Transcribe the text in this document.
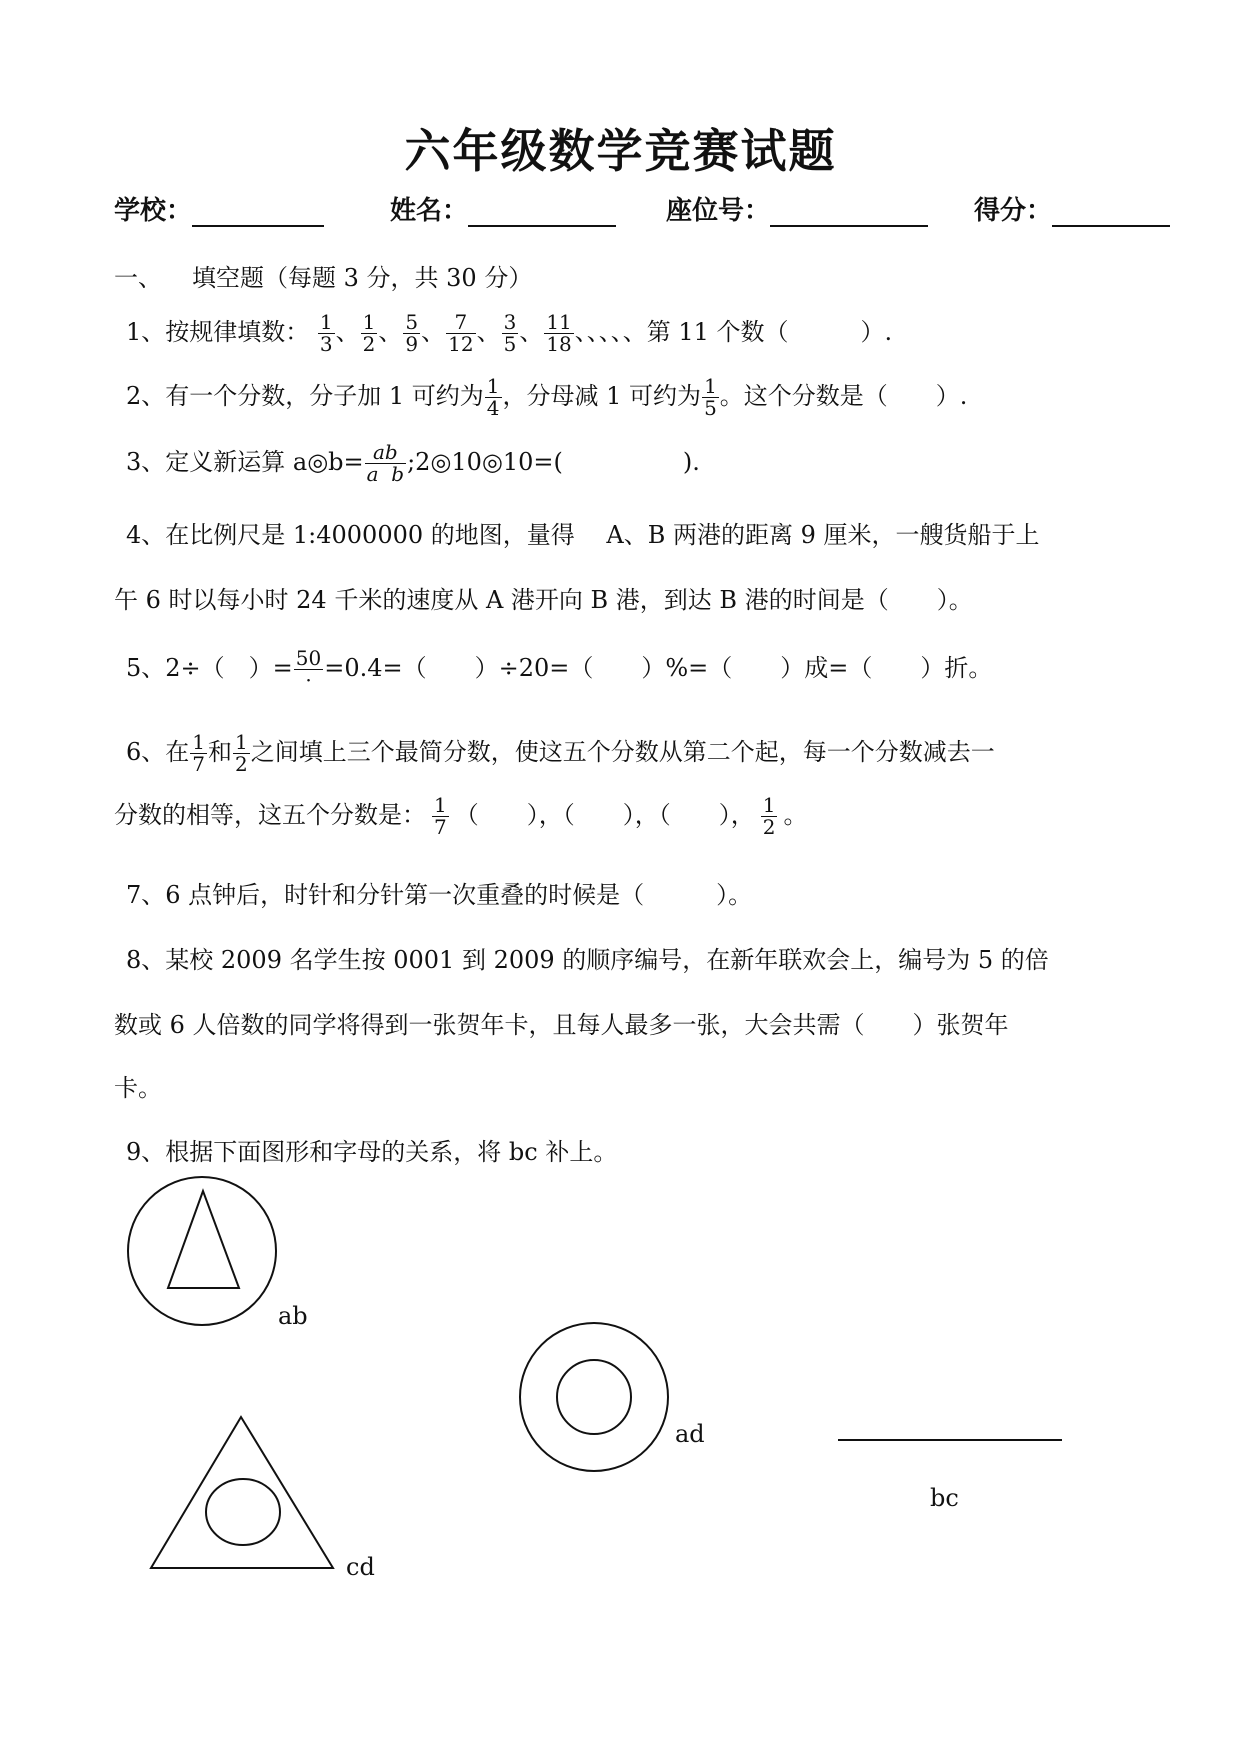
六年级数学竞赛试题
学校：	姓名：	座位号：	得分：
一、 填空题（每题 3 分，共 30 分）
1、按规律填数： $\frac{1}{3}$ 、 $\frac{1}{2}$ 、 $\frac{5}{9}$ 、 $\frac{7}{12}$ 、 $\frac{3}{5}$ 、 $\frac{11}{18}$ 、、、、、第 11 个数（　　　）.
2、有一个分数，分子加 1 可约为 $\frac{1}{4}$ ，分母减 1 可约为 $\frac{1}{5}$ 。这个分数是（　　）.
3、定义新运算 a◎b= $\frac{ab}{\text{a  b}}$ ;2◎10◎10=(　　　　　).
4、在比例尺是 1:4000000 的地图，量得　 A、B 两港的距离 9 厘米，一艘货船于上
午 6 时以每小时 24 千米的速度从 A 港开向 B 港，到达 B 港的时间是（　　）。
5、2÷（　）= $\frac{50}{\cdot} =0.4=$（　　）÷20=（　　）%=（　　）成=（　　）折。
6、在 $\frac{1}{7}$ 和 $\frac{1}{2}$ 之间填上三个最简分数，使这五个分数从第二个起，每一个分数减去一
分数的相等，这五个分数是： $\frac{1}{7}$ （　　），（　　），（　　）， $\frac{1}{2}$ 。
7、6 点钟后，时针和分针第一次重叠的时候是（　　　）。
8、某校 2009 名学生按 0001 到 2009 的顺序编号，在新年联欢会上，编号为 5 的倍
数或 6 人倍数的同学将得到一张贺年卡，且每人最多一张，大会共需（　　）张贺年
卡。
9、根据下面图形和字母的关系，将 bc 补上。
ab
ad
cd
bc
